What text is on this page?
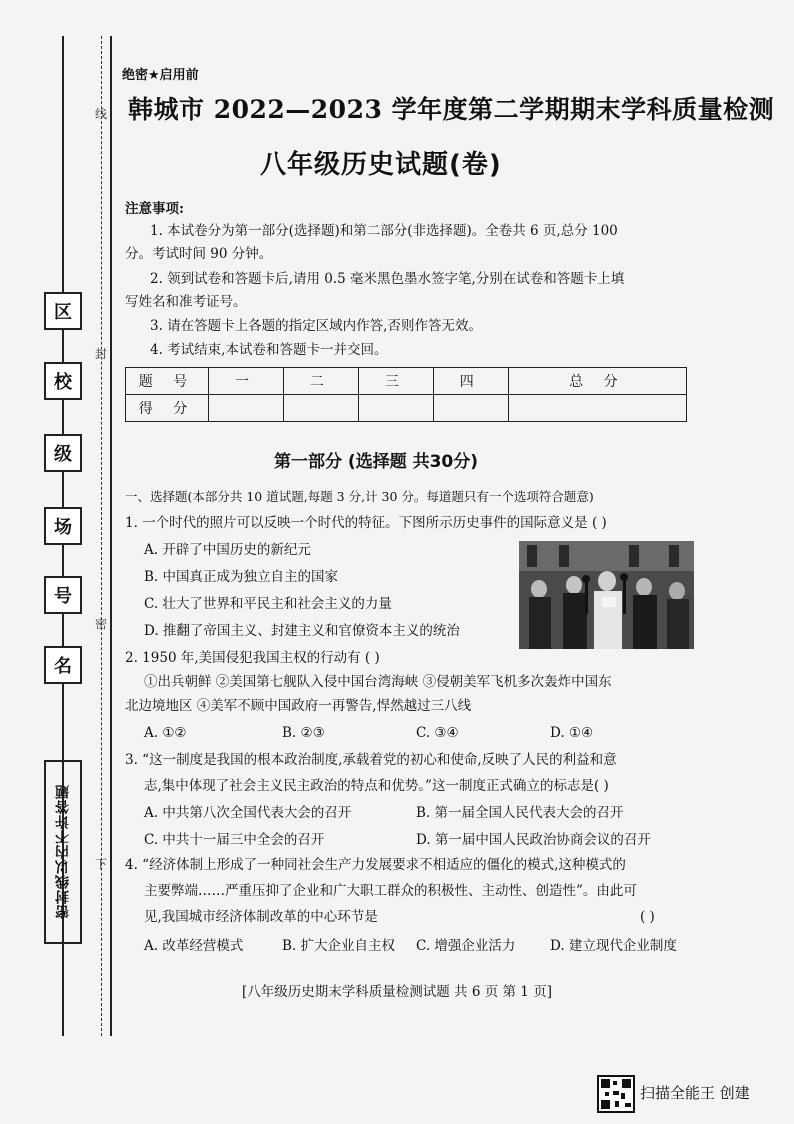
线
封
密
下
区
校
级
场
号
名
密封线以内不许答题
绝密★启用前
韩城市 2022—2023 学年度第二学期期末学科质量检测
八年级历史试题(卷)
注意事项:
1. 本试卷分为第一部分(选择题)和第二部分(非选择题)。全卷共 6 页,总分 100
分。考试时间 90 分钟。
2. 领到试卷和答题卡后,请用 0.5 毫米黑色墨水签字笔,分别在试卷和答题卡上填
写姓名和准考证号。
3. 请在答题卡上各题的指定区域内作答,否则作答无效。
4. 考试结束,本试卷和答题卡一并交回。
题 号	一	二	三	四	总 分
得 分					
第一部分 (选择题 共30分)
一、选择题(本部分共 10 道试题,每题 3 分,计 30 分。每道题只有一个选项符合题意)
1. 一个时代的照片可以反映一个时代的特征。下图所示历史事件的国际意义是 ( )
A. 开辟了中国历史的新纪元
B. 中国真正成为独立自主的国家
C. 壮大了世界和平民主和社会主义的力量
D. 推翻了帝国主义、封建主义和官僚资本主义的统治
2. 1950 年,美国侵犯我国主权的行动有 ( )
①出兵朝鲜 ②美国第七舰队入侵中国台湾海峡 ③侵朝美军飞机多次轰炸中国东
北边境地区 ④美军不顾中国政府一再警告,悍然越过三八线
A. ①②	B. ②③	C. ③④	D. ①④
3. “这一制度是我国的根本政治制度,承载着党的初心和使命,反映了人民的利益和意
志,集中体现了社会主义民主政治的特点和优势。”这一制度正式确立的标志是( )
A. 中共第八次全国代表大会的召开	B. 第一届全国人民代表大会的召开
C. 中共十一届三中全会的召开	D. 第一届中国人民政治协商会议的召开
4. “经济体制上形成了一种同社会生产力发展要求不相适应的僵化的模式,这种模式的
主要弊端……严重压抑了企业和广大职工群众的积极性、主动性、创造性”。由此可
见,我国城市经济体制改革的中心环节是	( )
A. 改革经营模式	B. 扩大企业自主权 C. 增强企业活力	D. 建立现代企业制度
[八年级历史期末学科质量检测试题 共 6 页 第 1 页]
扫描全能王 创建
